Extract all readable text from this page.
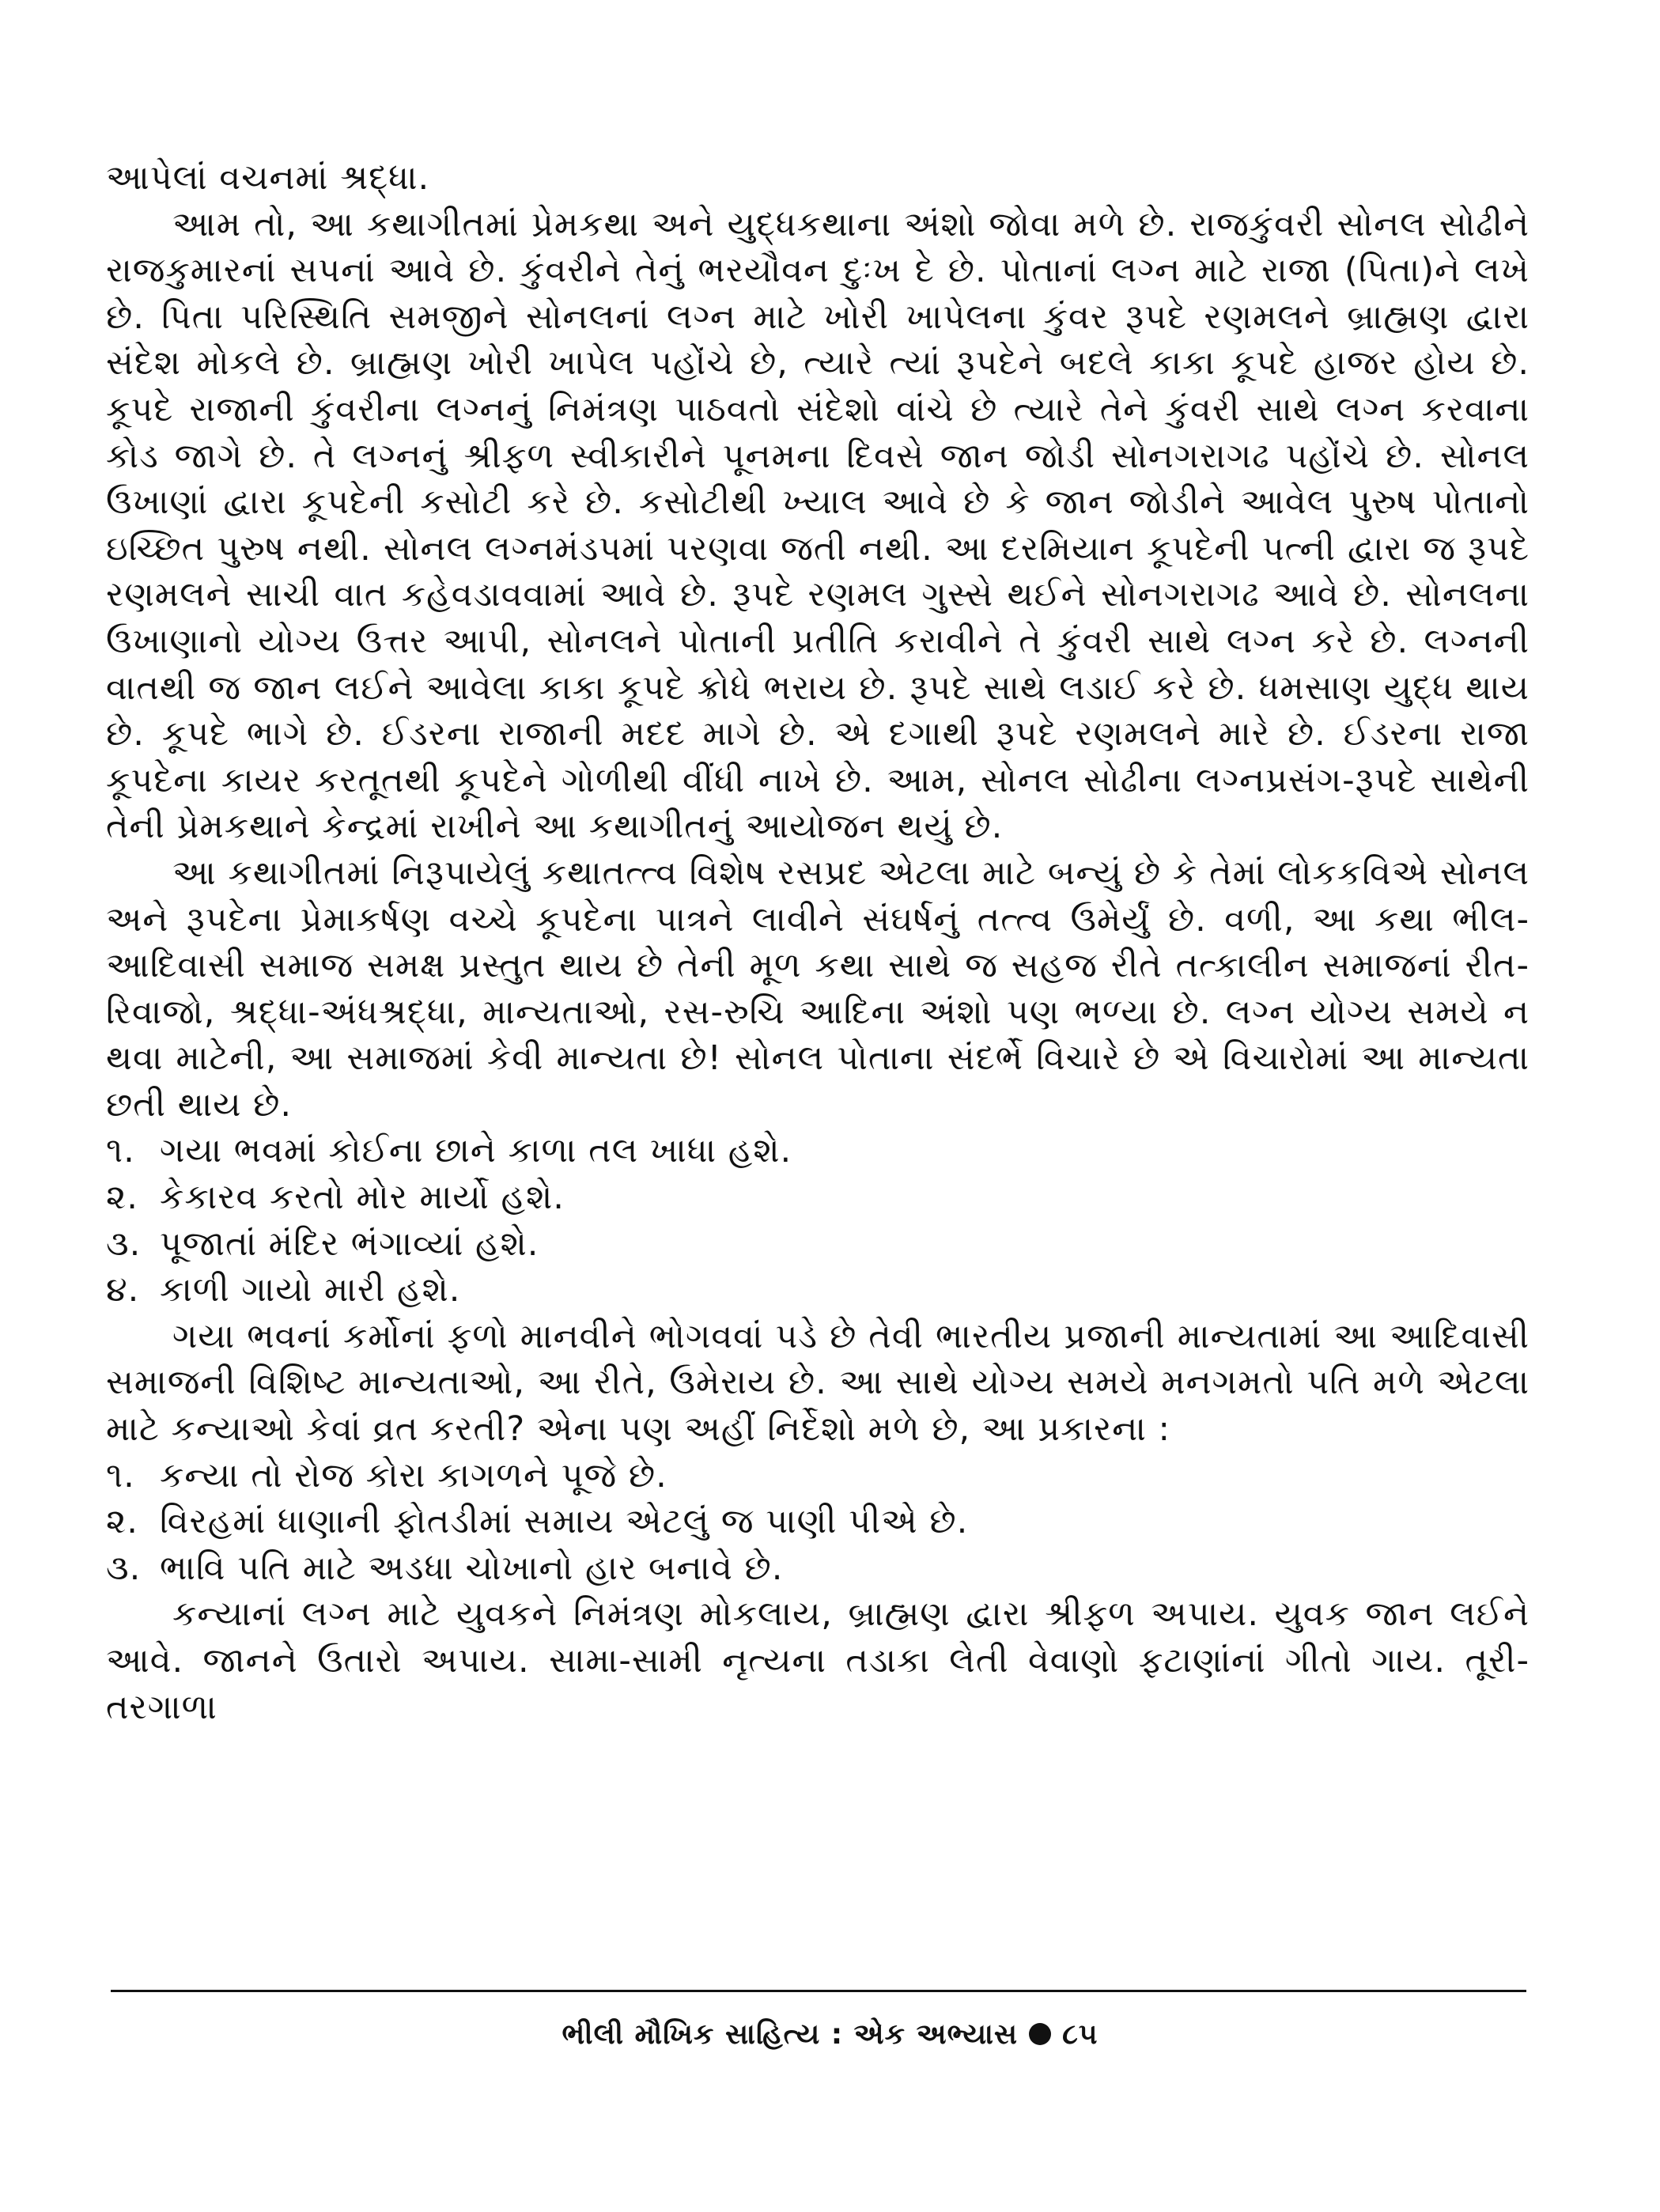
આપેલાં વચનમાં શ્રદ્ધા.

આમ તો, આ કથાગીતમાં પ્રેમકથા અને યુદ્ધકથાના અંશો જોવા મળે છે. રાજકુંવરી સોનલ સોઢીને રાજકુમારનાં સપનાં આવે છે. કુંવરીને તેનું ભરયૌવન દુઃખ દે છે. પોતાનાં લગ્ન માટે રાજા (પિતા)ને લખે છે. પિતા પરિસ્થિતિ સમજીને સોનલનાં લગ્ન માટે ખોરી ખાપેલના કુંવર રૂપદે રણમલને બ્રાહ્મણ દ્વારા સંદેશ મોકલે છે. બ્રાહ્મણ ખોરી ખાપેલ પહોંચે છે, ત્યારે ત્યાં રૂપદેને બદલે કાકા કૂપદે હાજર હોય છે. કૂપદે રાજાની કુંવરીના લગ્નનું નિમંત્રણ પાઠવતો સંદેશો વાંચે છે ત્યારે તેને કુંવરી સાથે લગ્ન કરવાના કોડ જાગે છે. તે લગ્નનું શ્રીફળ સ્વીકારીને પૂનમના દિવસે જાન જોડી સોનગરાગઢ પહોંચે છે. સોનલ ઉખાણાં દ્વારા કૂપદેની કસોટી કરે છે. કસોટીથી ખ્યાલ આવે છે કે જાન જોડીને આવેલ પુરુષ પોતાનો ઇચ્છિત પુરુષ નથી. સોનલ લગ્નમંડપમાં પરણવા જતી નથી. આ દરમિયાન કૂપદેની પત્ની દ્વારા જ રૂપદે રણમલને સાચી વાત કહેવડાવવામાં આવે છે. રૂપદે રણમલ ગુસ્સે થઈને સોનગરાગઢ આવે છે. સોનલના ઉખાણાનો યોગ્ય ઉત્તર આપી, સોનલને પોતાની પ્રતીતિ કરાવીને તે કુંવરી સાથે લગ્ન કરે છે. લગ્નની વાતથી જ જાન લઈને આવેલા કાકા કૂપદે ક્રોધે ભરાય છે. રૂપદે સાથે લડાઈ કરે છે. ધમસાણ યુદ્ધ થાય છે. કૂપદે ભાગે છે. ઈડરના રાજાની મદદ માગે છે. એ દગાથી રૂપદે રણમલને મારે છે. ઈડરના રાજા કૂપદેના કાયર કરતૂતથી કૂપદેને ગોળીથી વીંધી નાખે છે. આમ, સોનલ સોઢીના લગ્નપ્રસંગ-રૂપદે સાથેની તેની પ્રેમકથાને કેન્દ્રમાં રાખીને આ કથાગીતનું આયોજન થયું છે.

આ કથાગીતમાં નિરૂપાયેલું કથાતત્ત્વ વિશેષ રસપ્રદ એટલા માટે બન્યું છે કે તેમાં લોકકવિએ સોનલ અને રૂપદેના પ્રેમાકર્ષણ વચ્ચે કૂપદેના પાત્રને લાવીને સંઘર્ષનું તત્ત્વ ઉમેર્યું છે. વળી, આ કથા ભીલ-આદિવાસી સમાજ સમક્ષ પ્રસ્તુત થાય છે તેની મૂળ કથા સાથે જ સહજ રીતે તત્કાલીન સમાજનાં રીત-રિવાજો, શ્રદ્ધા-અંધશ્રદ્ધા, માન્યતાઓ, રસ-રુચિ આદિના અંશો પણ ભળ્યા છે. લગ્ન યોગ્ય સમયે ન થવા માટેની, આ સમાજમાં કેવી માન્યતા છે! સોનલ પોતાના સંદર્ભે વિચારે છે એ વિચારોમાં આ માન્યતા છતી થાય છે.

૧. ગયા ભવમાં કોઈના છાને કાળા તલ ખાધા હશે.
૨. કેકારવ કરતો મોર માર્યો હશે.
૩. પૂજાતાં મંદિર ભંગાવ્યાં હશે.
૪. કાળી ગાયો મારી હશે.

ગયા ભવનાં કર્મોનાં ફળો માનવીને ભોગવવાં પડે છે તેવી ભારતીય પ્રજાની માન્યતામાં આ આદિવાસી સમાજની વિશિષ્ટ માન્યતાઓ, આ રીતે, ઉમેરાય છે. આ સાથે યોગ્ય સમયે મનગમતો પતિ મળે એટલા માટે કન્યાઓ કેવાં વ્રત કરતી? એના પણ અહીં નિર્દેશો મળે છે, આ પ્રકારના :

૧. કન્યા તો રોજ કોરા કાગળને પૂજે છે.
૨. વિરહમાં ધાણાની ફોતડીમાં સમાય એટલું જ પાણી પીએ છે.
૩. ભાવિ પતિ માટે અડધા ચોખાનો હાર બનાવે છે.

કન્યાનાં લગ્ન માટે યુવકને નિમંત્રણ મોકલાય, બ્રાહ્મણ દ્વારા શ્રીફળ અપાય. યુવક જાન લઈને આવે. જાનને ઉતારો અપાય. સામા-સામી નૃત્યના તડાકા લેતી વેવાણો ફટાણાંનાં ગીતો ગાય. તૂરી-તરગાળા

ભીલી મૌખિક સાહિત્ય : એક અભ્યાસ ૮૫
